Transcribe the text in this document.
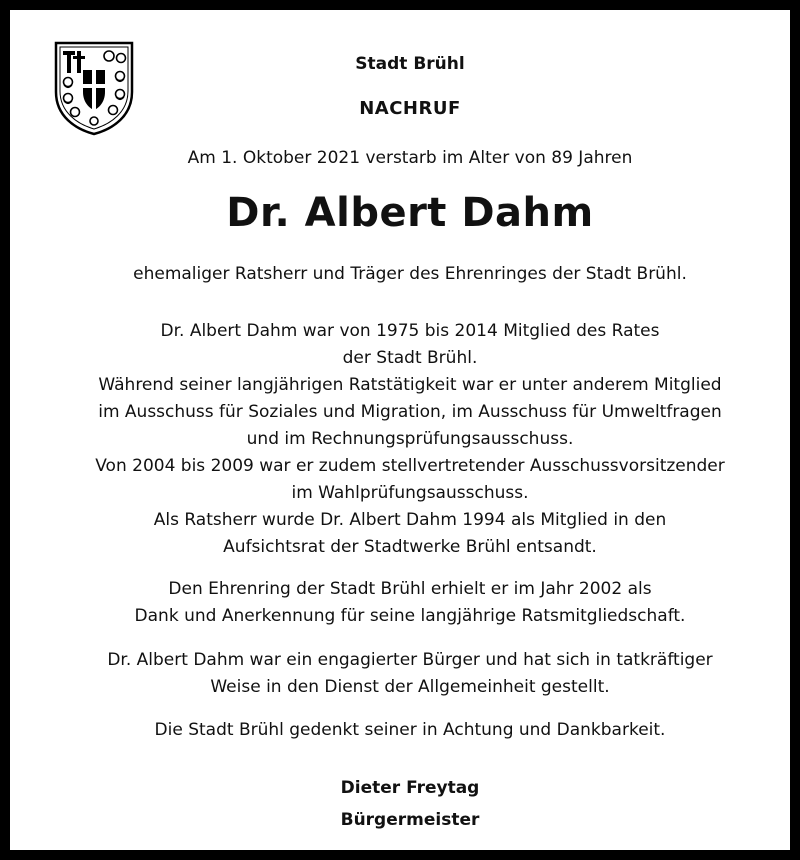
Stadt Brühl
NACHRUF
Am 1. Oktober 2021 verstarb im Alter von 89 Jahren
Dr. Albert Dahm
ehemaliger Ratsherr und Träger des Ehrenringes der Stadt Brühl.
Dr. Albert Dahm war von 1975 bis 2014 Mitglied des Rates
der Stadt Brühl.
Während seiner langjährigen Ratstätigkeit war er unter anderem Mitglied
im Ausschuss für Soziales und Migration, im Ausschuss für Umweltfragen
und im Rechnungsprüfungsausschuss.
Von 2004 bis 2009 war er zudem stellvertretender Ausschussvorsitzender
im Wahlprüfungsausschuss.
Als Ratsherr wurde Dr. Albert Dahm 1994 als Mitglied in den
Aufsichtsrat der Stadtwerke Brühl entsandt.
Den Ehrenring der Stadt Brühl erhielt er im Jahr 2002 als
Dank und Anerkennung für seine langjährige Ratsmitgliedschaft.
Dr. Albert Dahm war ein engagierter Bürger und hat sich in tatkräftiger
Weise in den Dienst der Allgemeinheit gestellt.
Die Stadt Brühl gedenkt seiner in Achtung und Dankbarkeit.
Dieter Freytag
Bürgermeister
